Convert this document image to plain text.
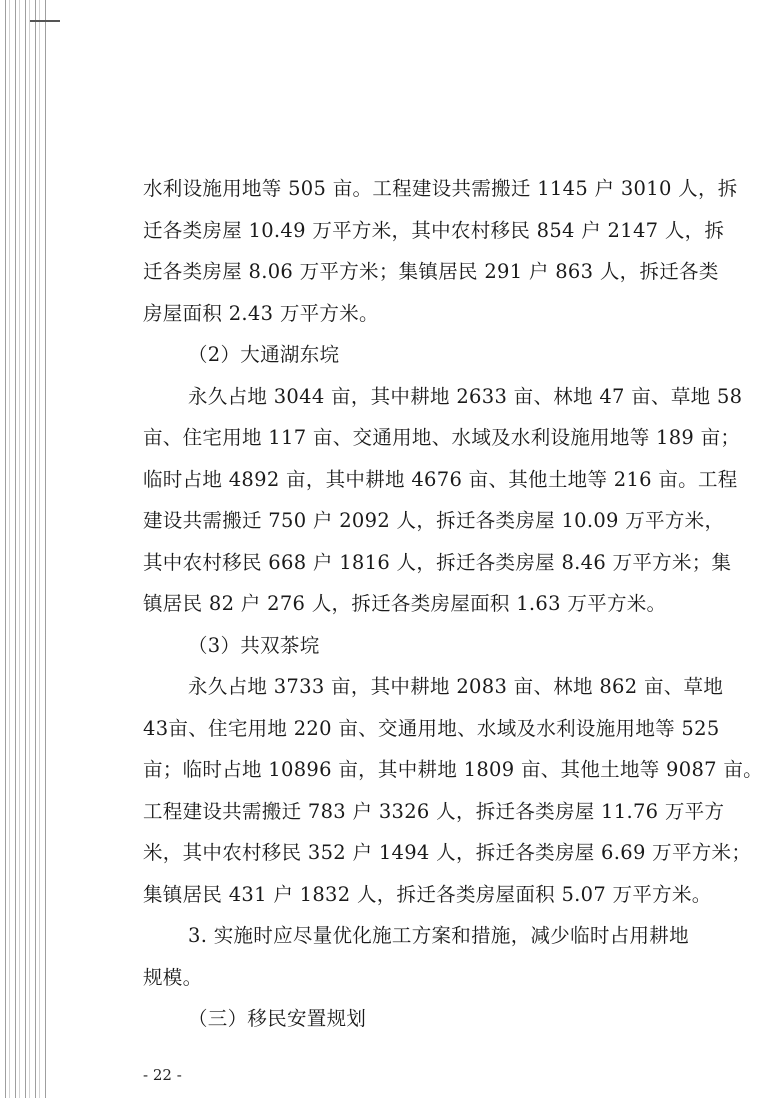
水利设施用地等 505 亩。工程建设共需搬迁 1145 户 3010 人，拆
迁各类房屋 10.49 万平方米，其中农村移民 854 户 2147 人，拆
迁各类房屋 8.06 万平方米；集镇居民 291 户 863 人，拆迁各类
房屋面积 2.43 万平方米。
（2）大通湖东垸
永久占地 3044 亩，其中耕地 2633 亩、林地 47 亩、草地 58
亩、住宅用地 117 亩、交通用地、水域及水利设施用地等 189 亩；
临时占地 4892 亩，其中耕地 4676 亩、其他土地等 216 亩。工程
建设共需搬迁 750 户 2092 人，拆迁各类房屋 10.09 万平方米，
其中农村移民 668 户 1816 人，拆迁各类房屋 8.46 万平方米；集
镇居民 82 户 276 人，拆迁各类房屋面积 1.63 万平方米。
（3）共双茶垸
永久占地 3733 亩，其中耕地 2083 亩、林地 862 亩、草地
43亩、住宅用地 220 亩、交通用地、水域及水利设施用地等 525
亩；临时占地 10896 亩，其中耕地 1809 亩、其他土地等 9087 亩。
工程建设共需搬迁 783 户 3326 人，拆迁各类房屋 11.76 万平方
米，其中农村移民 352 户 1494 人，拆迁各类房屋 6.69 万平方米；
集镇居民 431 户 1832 人，拆迁各类房屋面积 5.07 万平方米。
3. 实施时应尽量优化施工方案和措施，减少临时占用耕地
规模。
（三）移民安置规划
- 22 -
